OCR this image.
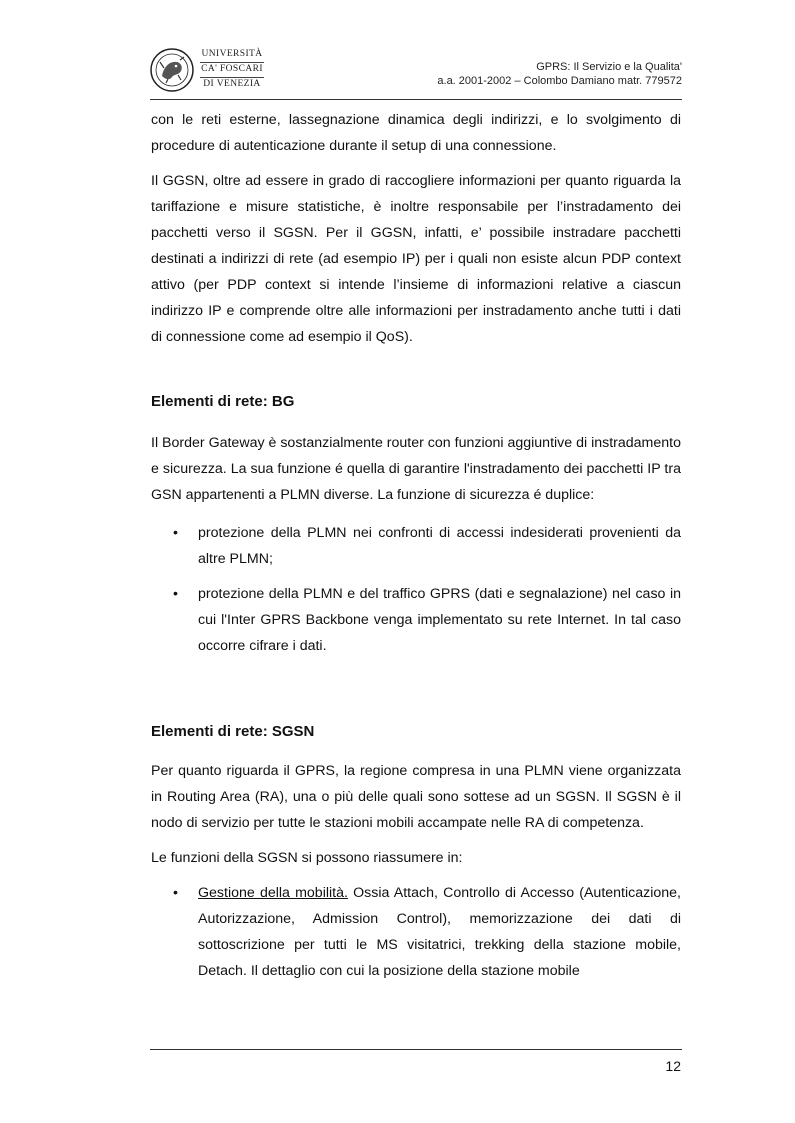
UNIVERSITÀ
CA' FOSCARI
DI VENEZIA
GPRS: Il Servizio e la Qualita'
a.a. 2001-2002 – Colombo Damiano matr. 779572

con le reti esterne, lassegnazione dinamica degli indirizzi, e lo svolgimento di procedure di autenticazione durante il setup di una connessione.

Il GGSN, oltre ad essere in grado di raccogliere informazioni per quanto riguarda la tariffazione e misure statistiche, è inoltre responsabile per l’instradamento dei pacchetti verso il SGSN. Per il GGSN, infatti, e’ possibile instradare pacchetti destinati a indirizzi di rete (ad esempio IP) per i quali non esiste alcun PDP context attivo (per PDP context si intende l’insieme di informazioni relative a ciascun indirizzo IP e comprende oltre alle informazioni per instradamento anche tutti i dati di connessione come ad esempio il QoS).

Elementi di rete: BG

Il Border Gateway è sostanzialmente router con funzioni aggiuntive di instradamento e sicurezza. La sua funzione é quella di garantire l'instradamento dei pacchetti IP tra GSN appartenenti a PLMN diverse. La funzione di sicurezza é duplice:

• protezione della PLMN nei confronti di accessi indesiderati provenienti da altre PLMN;
• protezione della PLMN e del traffico GPRS (dati e segnalazione) nel caso in cui l'Inter GPRS Backbone venga implementato su rete Internet. In tal caso occorre cifrare i dati.
Elementi di rete: SGSN

Per quanto riguarda il GPRS, la regione compresa in una PLMN viene organizzata in Routing Area (RA), una o più delle quali sono sottese ad un SGSN. Il SGSN è il nodo di servizio per tutte le stazioni mobili accampate nelle RA di competenza.

Le funzioni della SGSN si possono riassumere in:

• Gestione della mobilità. Ossia Attach, Controllo di Accesso (Autenticazione, Autorizzazione, Admission Control), memorizzazione dei dati di sottoscrizione per tutti le MS visitatrici, trekking della stazione mobile, Detach. Il dettaglio con cui la posizione della stazione mobile
12
